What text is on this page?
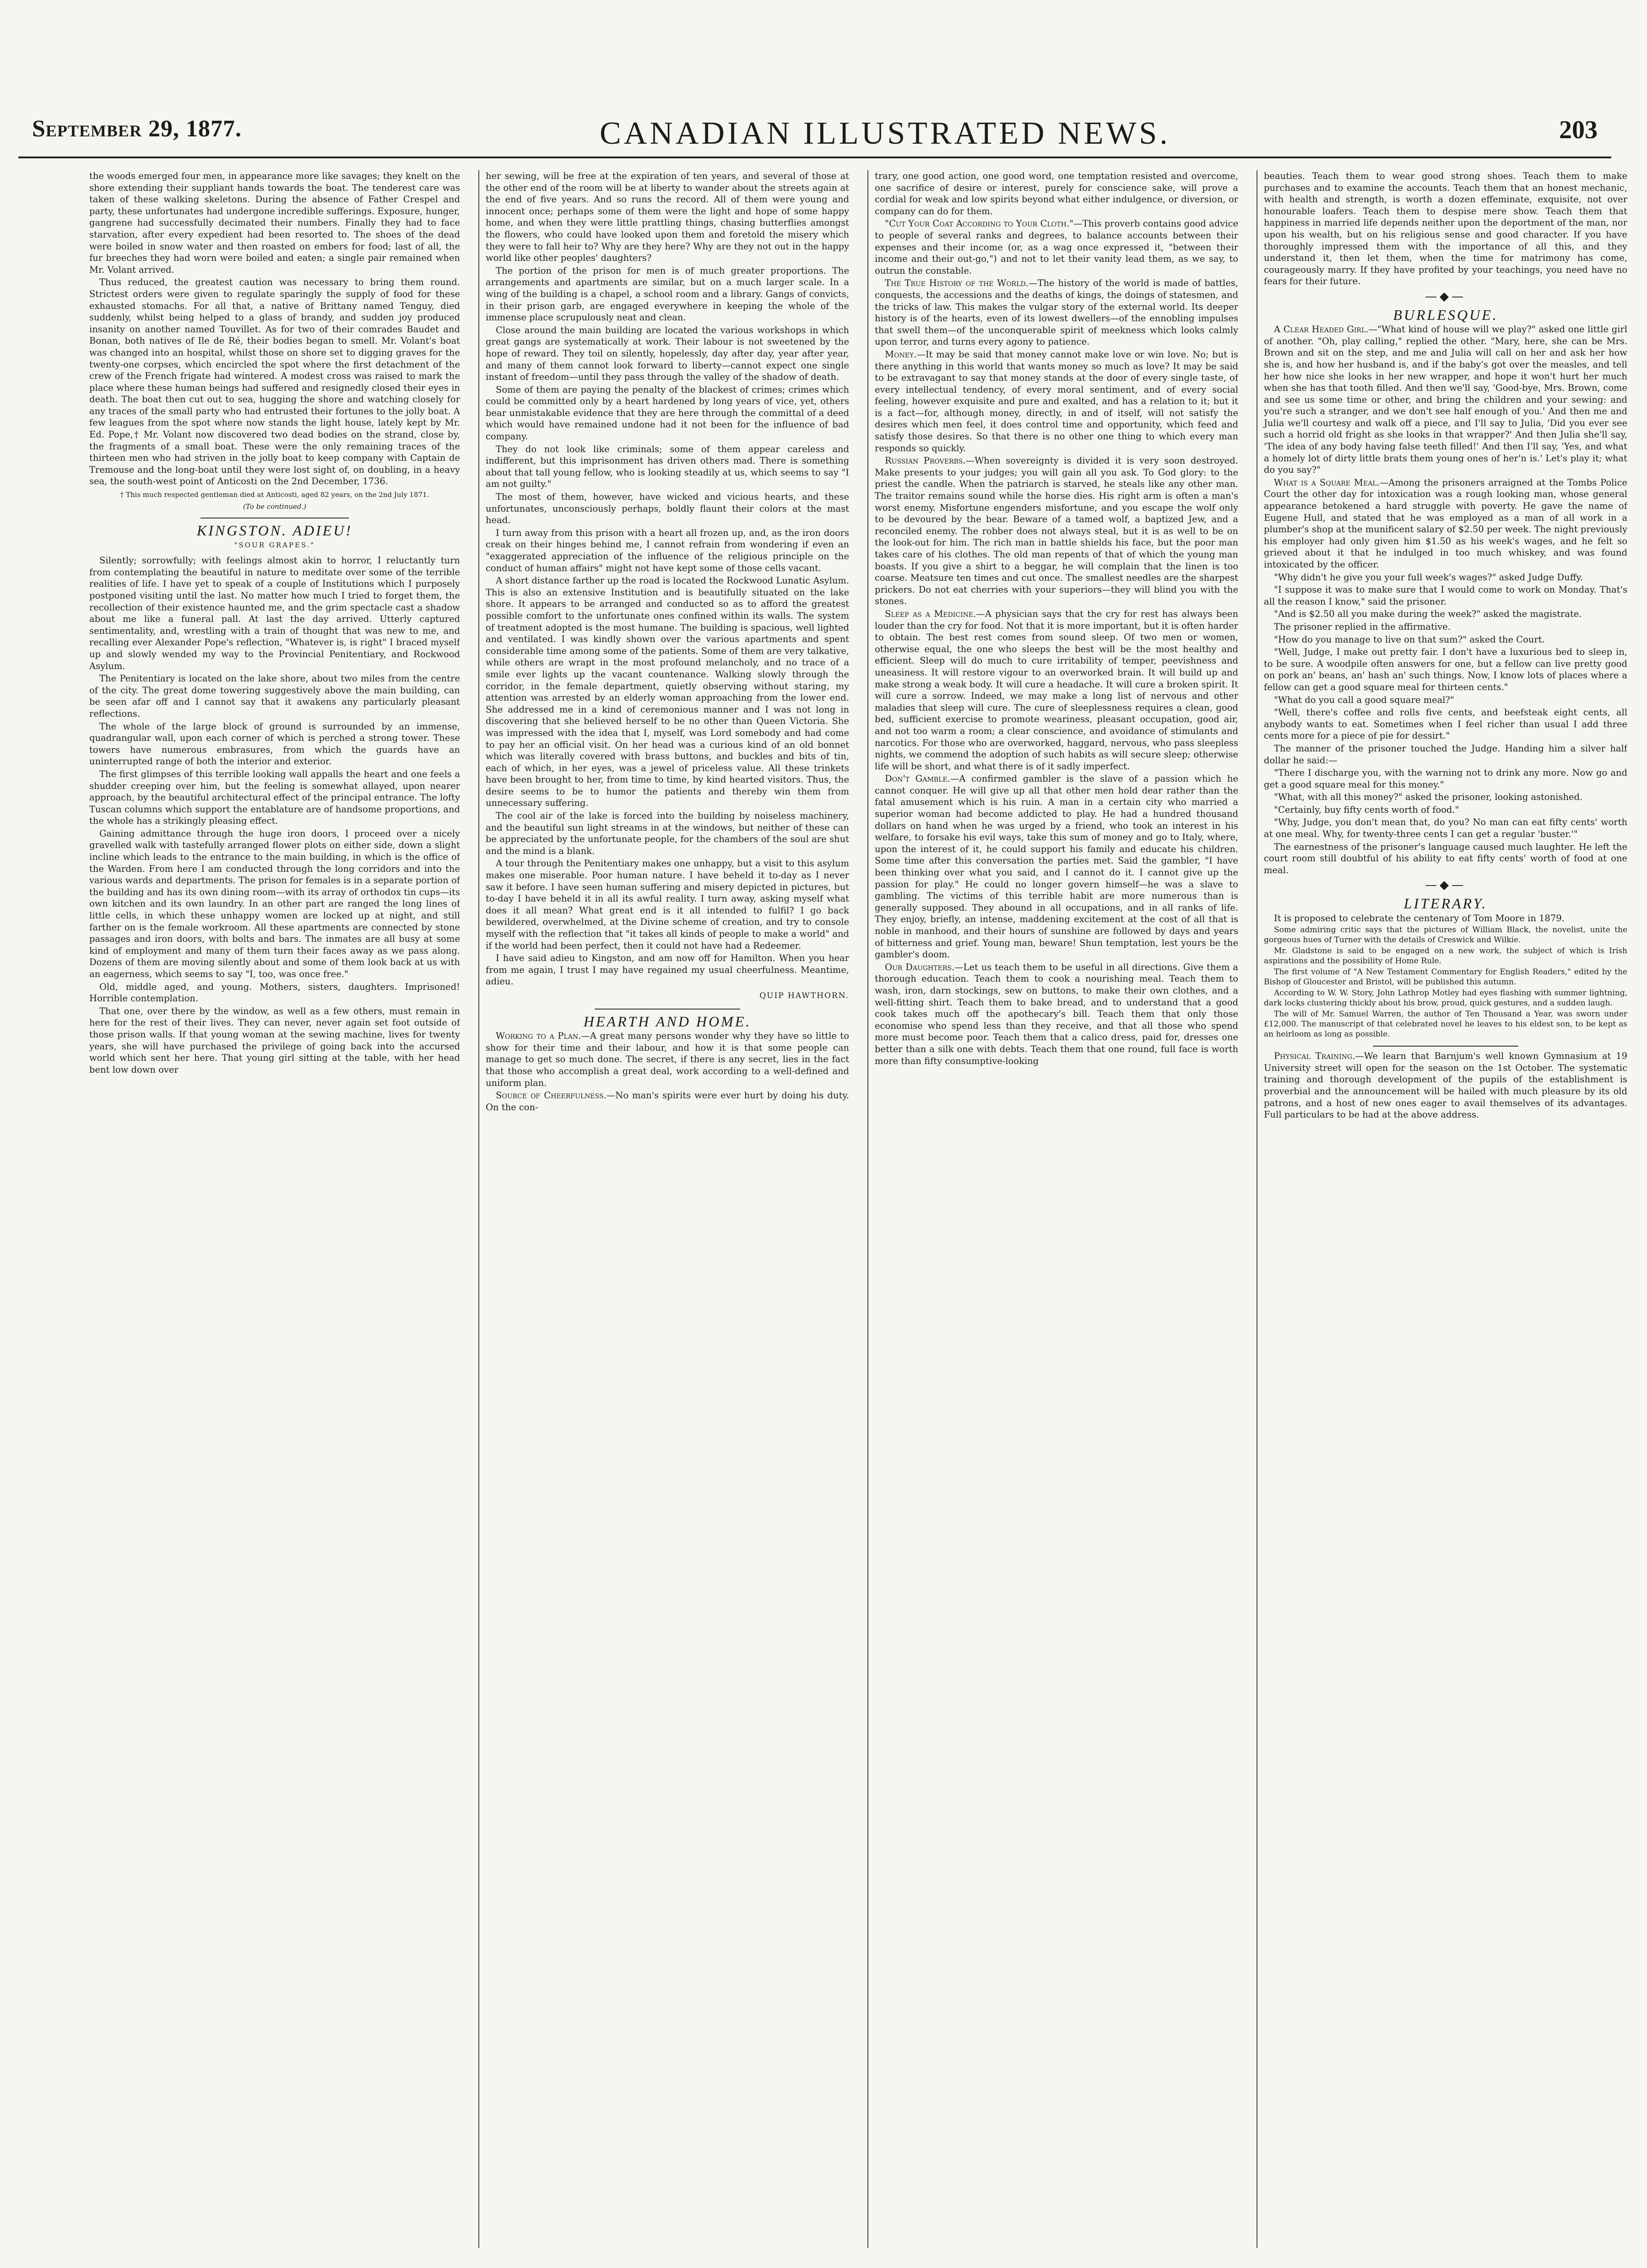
September 29, 1877.	CANADIAN ILLUSTRATED NEWS.	203

the woods emerged four men, in appearance more like savages; they knelt on the shore extending their suppliant hands towards the boat. The tenderest care was taken of these walking skeletons. During the absence of Father Crespel and party, these unfortunates had undergone incredible sufferings. Exposure, hunger, gangrene had successfully decimated their numbers. Finally they had to face starvation, after every expedient had been resorted to. The shoes of the dead were boiled in snow water and then roasted on embers for food; last of all, the fur breeches they had worn were boiled and eaten; a single pair remained when Mr. Volant arrived.

Thus reduced, the greatest caution was necessary to bring them round. Strictest orders were given to regulate sparingly the supply of food for these exhausted stomachs. For all that, a native of Brittany named Tenguy, died suddenly, whilst being helped to a glass of brandy, and sudden joy produced insanity on another named Touvillet. As for two of their comrades Baudet and Bonan, both natives of Ile de Ré, their bodies began to smell. Mr. Volant's boat was changed into an hospital, whilst those on shore set to digging graves for the twenty-one corpses, which encircled the spot where the first detachment of the crew of the French frigate had wintered. A modest cross was raised to mark the place where these human beings had suffered and resignedly closed their eyes in death. The boat then cut out to sea, hugging the shore and watching closely for any traces of the small party who had entrusted their fortunes to the jolly boat. A few leagues from the spot where now stands the light house, lately kept by Mr. Ed. Pope,† Mr. Volant now discovered two dead bodies on the strand, close by, the fragments of a small boat. These were the only remaining traces of the thirteen men who had striven in the jolly boat to keep company with Captain de Tremouse and the long-boat until they were lost sight of, on doubling, in a heavy sea, the south-west point of Anticosti on the 2nd December, 1736.

† This much respected gentleman died at Anticosti, aged 82 years, on the 2nd July 1871.
(To be continued.)
KINGSTON. ADIEU!
"SOUR GRAPES."

Silently; sorrowfully; with feelings almost akin to horror, I reluctantly turn from contemplating the beautiful in nature to meditate over some of the terrible realities of life. I have yet to speak of a couple of Institutions which I purposely postponed visiting until the last. No matter how much I tried to forget them, the recollection of their existence haunted me, and the grim spectacle cast a shadow about me like a funeral pall. At last the day arrived. Utterly captured sentimentality, and, wrestling with a train of thought that was new to me, and recalling ever Alexander Pope's reflection, "Whatever is, is right" I braced myself up and slowly wended my way to the Provincial Penitentiary, and Rockwood Asylum.

The Penitentiary is located on the lake shore, about two miles from the centre of the city. The great dome towering suggestively above the main building, can be seen afar off and I cannot say that it awakens any particularly pleasant reflections.

The whole of the large block of ground is surrounded by an immense, quadrangular wall, upon each corner of which is perched a strong tower. These towers have numerous embrasures, from which the guards have an uninterrupted range of both the interior and exterior.

The first glimpses of this terrible looking wall appalls the heart and one feels a shudder creeping over him, but the feeling is somewhat allayed, upon nearer approach, by the beautiful architectural effect of the principal entrance. The lofty Tuscan columns which support the entablature are of handsome proportions, and the whole has a strikingly pleasing effect.

Gaining admittance through the huge iron doors, I proceed over a nicely gravelled walk with tastefully arranged flower plots on either side, down a slight incline which leads to the entrance to the main building, in which is the office of the Warden. From here I am conducted through the long corridors and into the various wards and departments. The prison for females is in a separate portion of the building and has its own dining room—with its array of orthodox tin cups—its own kitchen and its own laundry. In an other part are ranged the long lines of little cells, in which these unhappy women are locked up at night, and still farther on is the female workroom. All these apartments are connected by stone passages and iron doors, with bolts and bars. The inmates are all busy at some kind of employment and many of them turn their faces away as we pass along. Dozens of them are moving silently about and some of them look back at us with an eagerness, which seems to say "I, too, was once free."

Old, middle aged, and young. Mothers, sisters, daughters. Imprisoned! Horrible contemplation.

That one, over there by the window, as well as a few others, must remain in here for the rest of their lives. They can never, never again set foot outside of those prison walls. If that young woman at the sewing machine, lives for twenty years, she will have purchased the privilege of going back into the accursed world which sent her here. That young girl sitting at the table, with her head bent low down over

her sewing, will be free at the expiration of ten years, and several of those at the other end of the room will be at liberty to wander about the streets again at the end of five years. And so runs the record. All of them were young and innocent once; perhaps some of them were the light and hope of some happy home, and when they were little prattling things, chasing butterflies amongst the flowers, who could have looked upon them and foretold the misery which they were to fall heir to? Why are they here? Why are they not out in the happy world like other peoples' daughters?

The portion of the prison for men is of much greater proportions. The arrangements and apartments are similar, but on a much larger scale. In a wing of the building is a chapel, a school room and a library. Gangs of convicts, in their prison garb, are engaged everywhere in keeping the whole of the immense place scrupulously neat and clean.

Close around the main building are located the various workshops in which great gangs are systematically at work. Their labour is not sweetened by the hope of reward. They toil on silently, hopelessly, day after day, year after year, and many of them cannot look forward to liberty—cannot expect one single instant of freedom—until they pass through the valley of the shadow of death.

Some of them are paying the penalty of the blackest of crimes; crimes which could be committed only by a heart hardened by long years of vice, yet, others bear unmistakable evidence that they are here through the committal of a deed which would have remained undone had it not been for the influence of bad company.

They do not look like criminals; some of them appear careless and indifferent, but this imprisonment has driven others mad. There is something about that tall young fellow, who is looking steadily at us, which seems to say "I am not guilty."

The most of them, however, have wicked and vicious hearts, and these unfortunates, unconsciously perhaps, boldly flaunt their colors at the mast head.

I turn away from this prison with a heart all frozen up, and, as the iron doors creak on their hinges behind me, I cannot refrain from wondering if even an "exaggerated appreciation of the influence of the religious principle on the conduct of human affairs" might not have kept some of those cells vacant.

A short distance farther up the road is located the Rockwood Lunatic Asylum. This is also an extensive Institution and is beautifully situated on the lake shore. It appears to be arranged and conducted so as to afford the greatest possible comfort to the unfortunate ones confined within its walls. The system of treatment adopted is the most humane. The building is spacious, well lighted and ventilated. I was kindly shown over the various apartments and spent considerable time among some of the patients. Some of them are very talkative, while others are wrapt in the most profound melancholy, and no trace of a smile ever lights up the vacant countenance. Walking slowly through the corridor, in the female department, quietly observing without staring, my attention was arrested by an elderly woman approaching from the lower end. She addressed me in a kind of ceremonious manner and I was not long in discovering that she believed herself to be no other than Queen Victoria. She was impressed with the idea that I, myself, was Lord somebody and had come to pay her an official visit. On her head was a curious kind of an old bonnet which was literally covered with brass buttons, and buckles and bits of tin, each of which, in her eyes, was a jewel of priceless value. All these trinkets have been brought to her, from time to time, by kind hearted visitors. Thus, the desire seems to be to humor the patients and thereby win them from unnecessary suffering.

The cool air of the lake is forced into the building by noiseless machinery, and the beautiful sun light streams in at the windows, but neither of these can be appreciated by the unfortunate people, for the chambers of the soul are shut and the mind is a blank.

A tour through the Penitentiary makes one unhappy, but a visit to this asylum makes one miserable. Poor human nature. I have beheld it to-day as I never saw it before. I have seen human suffering and misery depicted in pictures, but to-day I have beheld it in all its awful reality. I turn away, asking myself what does it all mean? What great end is it all intended to fulfil? I go back bewildered, overwhelmed, at the Divine scheme of creation, and try to console myself with the reflection that "it takes all kinds of people to make a world" and if the world had been perfect, then it could not have had a Redeemer.

I have said adieu to Kingston, and am now off for Hamilton. When you hear from me again, I trust I may have regained my usual cheerfulness. Meantime, adieu.

QUIP HAWTHORN.
HEARTH AND HOME.

Working to a Plan.—A great many persons wonder why they have so little to show for their time and their labour, and how it is that some people can manage to get so much done. The secret, if there is any secret, lies in the fact that those who accomplish a great deal, work according to a well-defined and uniform plan.

Source of Cheerfulness.—No man's spirits were ever hurt by doing his duty. On the con-

trary, one good action, one good word, one temptation resisted and overcome, one sacrifice of desire or interest, purely for conscience sake, will prove a cordial for weak and low spirits beyond what either indulgence, or diversion, or company can do for them.

"Cut Your Coat According to Your Cloth."—This proverb contains good advice to people of several ranks and degrees, to balance accounts between their expenses and their income (or, as a wag once expressed it, "between their income and their out-go,") and not to let their vanity lead them, as we say, to outrun the constable.

The True History of the World.—The history of the world is made of battles, conquests, the accessions and the deaths of kings, the doings of statesmen, and the tricks of law. This makes the vulgar story of the external world. Its deeper history is of the hearts, even of its lowest dwellers—of the ennobling impulses that swell them—of the unconquerable spirit of meekness which looks calmly upon terror, and turns every agony to patience.

Money.—It may be said that money cannot make love or win love. No; but is there anything in this world that wants money so much as love? It may be said to be extravagant to say that money stands at the door of every single taste, of every intellectual tendency, of every moral sentiment, and of every social feeling, however exquisite and pure and exalted, and has a relation to it; but it is a fact—for, although money, directly, in and of itself, will not satisfy the desires which men feel, it does control time and opportunity, which feed and satisfy those desires. So that there is no other one thing to which every man responds so quickly.

Russian Proverbs.—When sovereignty is divided it is very soon destroyed. Make presents to your judges; you will gain all you ask. To God glory: to the priest the candle. When the patriarch is starved, he steals like any other man. The traitor remains sound while the horse dies. His right arm is often a man's worst enemy. Misfortune engenders misfortune, and you escape the wolf only to be devoured by the bear. Beware of a tamed wolf, a baptized Jew, and a reconciled enemy. The robber does not always steal, but it is as well to be on the look-out for him. The rich man in battle shields his face, but the poor man takes care of his clothes. The old man repents of that of which the young man boasts. If you give a shirt to a beggar, he will complain that the linen is too coarse. Meatsure ten times and cut once. The smallest needles are the sharpest prickers. Do not eat cherries with your superiors—they will blind you with the stones.

Sleep as a Medicine.—A physician says that the cry for rest has always been louder than the cry for food. Not that it is more important, but it is often harder to obtain. The best rest comes from sound sleep. Of two men or women, otherwise equal, the one who sleeps the best will be the most healthy and efficient. Sleep will do much to cure irritability of temper, peevishness and uneasiness. It will restore vigour to an overworked brain. It will build up and make strong a weak body. It will cure a headache. It will cure a broken spirit. It will cure a sorrow. Indeed, we may make a long list of nervous and other maladies that sleep will cure. The cure of sleeplessness requires a clean, good bed, sufficient exercise to promote weariness, pleasant occupation, good air, and not too warm a room; a clear conscience, and avoidance of stimulants and narcotics. For those who are overworked, haggard, nervous, who pass sleepless nights, we commend the adoption of such habits as will secure sleep; otherwise life will be short, and what there is of it sadly imperfect.

Don't Gamble.—A confirmed gambler is the slave of a passion which he cannot conquer. He will give up all that other men hold dear rather than the fatal amusement which is his ruin. A man in a certain city who married a superior woman had become addicted to play. He had a hundred thousand dollars on hand when he was urged by a friend, who took an interest in his welfare, to forsake his evil ways, take this sum of money and go to Italy, where, upon the interest of it, he could support his family and educate his children. Some time after this conversation the parties met. Said the gambler, "I have been thinking over what you said, and I cannot do it. I cannot give up the passion for play." He could no longer govern himself—he was a slave to gambling. The victims of this terrible habit are more numerous than is generally supposed. They abound in all occupations, and in all ranks of life. They enjoy, briefly, an intense, maddening excitement at the cost of all that is noble in manhood, and their hours of sunshine are followed by days and years of bitterness and grief. Young man, beware! Shun temptation, lest yours be the gambler's doom.

Our Daughters.—Let us teach them to be useful in all directions. Give them a thorough education. Teach them to cook a nourishing meal. Teach them to wash, iron, darn stockings, sew on buttons, to make their own clothes, and a well-fitting shirt. Teach them to bake bread, and to understand that a good cook takes much off the apothecary's bill. Teach them that only those economise who spend less than they receive, and that all those who spend more must become poor. Teach them that a calico dress, paid for, dresses one better than a silk one with debts. Teach them that one round, full face is worth more than fifty consumptive-looking

beauties. Teach them to wear good strong shoes. Teach them to make purchases and to examine the accounts. Teach them that an honest mechanic, with health and strength, is worth a dozen effeminate, exquisite, not over honourable loafers. Teach them to despise mere show. Teach them that happiness in married life depends neither upon the deportment of the man, nor upon his wealth, but on his religious sense and good character. If you have thoroughly impressed them with the importance of all this, and they understand it, then let them, when the time for matrimony has come, courageously marry. If they have profited by your teachings, you need have no fears for their future.

—◆—
BURLESQUE.

A Clear Headed Girl.—"What kind of house will we play?" asked one little girl of another. "Oh, play calling," replied the other. "Mary, here, she can be Mrs. Brown and sit on the step, and me and Julia will call on her and ask her how she is, and how her husband is, and if the baby's got over the measles, and tell her how nice she looks in her new wrapper, and hope it won't hurt her much when she has that tooth filled. And then we'll say, 'Good-bye, Mrs. Brown, come and see us some time or other, and bring the children and your sewing: and you're such a stranger, and we don't see half enough of you.' And then me and Julia we'll courtesy and walk off a piece, and I'll say to Julia, 'Did you ever see such a horrid old fright as she looks in that wrapper?' And then Julia she'll say, 'The idea of any body having false teeth filled!' And then I'll say, 'Yes, and what a homely lot of dirty little brats them young ones of her'n is.' Let's play it; what do you say?"

What is a Square Meal.—Among the prisoners arraigned at the Tombs Police Court the other day for intoxication was a rough looking man, whose general appearance betokened a hard struggle with poverty. He gave the name of Eugene Hull, and stated that he was employed as a man of all work in a plumber's shop at the munificent salary of $2.50 per week. The night previously his employer had only given him $1.50 as his week's wages, and he felt so grieved about it that he indulged in too much whiskey, and was found intoxicated by the officer.

"Why didn't he give you your full week's wages?" asked Judge Duffy.

"I suppose it was to make sure that I would come to work on Monday. That's all the reason I know," said the prisoner.

"And is $2.50 all you make during the week?" asked the magistrate.

The prisoner replied in the affirmative.

"How do you manage to live on that sum?" asked the Court.

"Well, Judge, I make out pretty fair. I don't have a luxurious bed to sleep in, to be sure. A woodpile often answers for one, but a fellow can live pretty good on pork an' beans, an' hash an' such things. Now, I know lots of places where a fellow can get a good square meal for thirteen cents."

"What do you call a good square meal?"

"Well, there's coffee and rolls five cents, and beefsteak eight cents, all anybody wants to eat. Sometimes when I feel richer than usual I add three cents more for a piece of pie for dessirt."

The manner of the prisoner touched the Judge. Handing him a silver half dollar he said:—

"There I discharge you, with the warning not to drink any more. Now go and get a good square meal for this money."

"What, with all this money?" asked the prisoner, looking astonished.

"Certainly, buy fifty cents worth of food."

"Why, Judge, you don't mean that, do you? No man can eat fifty cents' worth at one meal. Why, for twenty-three cents I can get a regular 'buster.'"

The earnestness of the prisoner's language caused much laughter. He left the court room still doubtful of his ability to eat fifty cents' worth of food at one meal.

—◆—
LITERARY.

It is proposed to celebrate the centenary of Tom Moore in 1879.

Some admiring critic says that the pictures of William Black, the novelist, unite the gorgeous hues of Turner with the details of Creswick and Wilkie.

Mr. Gladstone is said to be engaged on a new work, the subject of which is Irish aspirations and the possibility of Home Rule.

The first volume of "A New Testament Commentary for English Readers," edited by the Bishop of Gloucester and Bristol, will be published this autumn.

According to W. W. Story, John Lathrop Motley had eyes flashing with summer lightning, dark locks clustering thickly about his brow, proud, quick gestures, and a sudden laugh.

The will of Mr. Samuel Warren, the author of Ten Thousand a Year, was sworn under £12,000. The manuscript of that celebrated novel he leaves to his eldest son, to be kept as an heirloom as long as possible.

Physical Training.—We learn that Barnjum's well known Gymnasium at 19 University street will open for the season on the 1st October. The systematic training and thorough development of the pupils of the establishment is proverbial and the announcement will be hailed with much pleasure by its old patrons, and a host of new ones eager to avail themselves of its advantages. Full particulars to be had at the above address.
